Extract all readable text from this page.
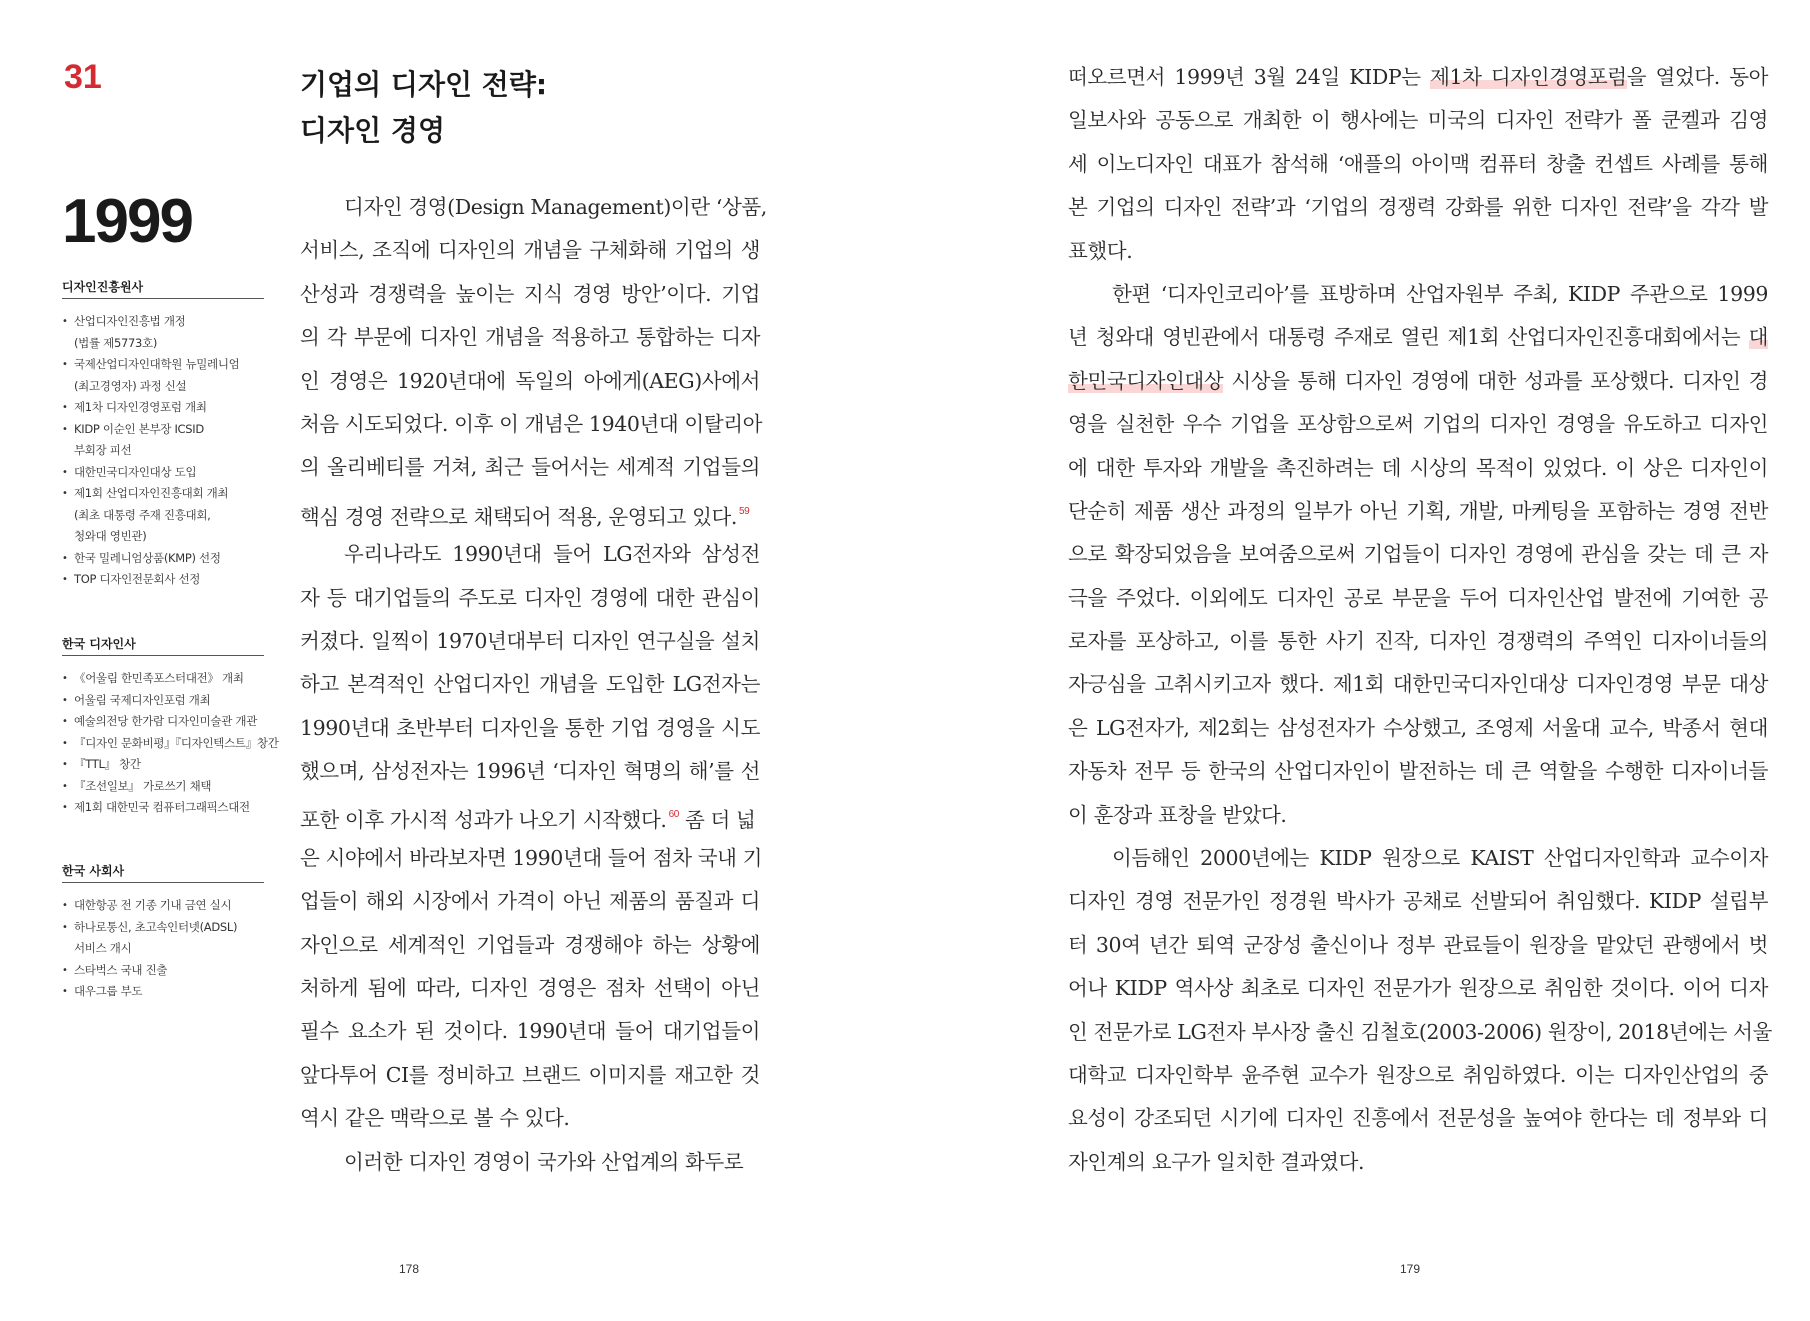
31	기업의 디자인 전략:
디자인 경영
1999
디자인진흥원사
• 산업디자인진흥법 개정
(법률 제5773호)
• 국제산업디자인대학원 뉴밀레니엄
(최고경영자) 과정 신설
• 제1차 디자인경영포럼 개최
• KIDP 이순인 본부장 ICSID
부회장 피선
• 대한민국디자인대상 도입
• 제1회 산업디자인진흥대회 개최
(최초 대통령 주재 진흥대회,
청와대 영빈관)
• 한국 밀레니엄상품(KMP) 선정
• TOP 디자인전문회사 선정
한국 디자인사
• 《어울림 한민족포스터대전》 개최
• 어울림 국제디자인포럼 개최
• 예술의전당 한가람 디자인미술관 개관
• 『디자인 문화비평』『디자인텍스트』창간
• 『TTL』 창간
• 『조선일보』 가로쓰기 채택
• 제1회 대한민국 컴퓨터그래픽스대전
한국 사회사
• 대한항공 전 기종 기내 금연 실시
• 하나로통신, 초고속인터넷(ADSL)
서비스 개시
• 스타벅스 국내 진출
• 대우그룹 부도
디자인 경영(Design Management)이란 ‘상품,
서비스, 조직에 디자인의 개념을 구체화해 기업의 생
산성과 경쟁력을 높이는 지식 경영 방안’이다. 기업
의 각 부문에 디자인 개념을 적용하고 통합하는 디자
인 경영은 1920년대에 독일의 아에게(AEG)사에서
처음 시도되었다. 이후 이 개념은 1940년대 이탈리아
의 올리베티를 거쳐, 최근 들어서는 세계적 기업들의
핵심 경영 전략으로 채택되어 적용, 운영되고 있다. $^{59}$
우리나라도 1990년대 들어 LG전자와 삼성전
자 등 대기업들의 주도로 디자인 경영에 대한 관심이
커졌다. 일찍이 1970년대부터 디자인 연구실을 설치
하고 본격적인 산업디자인 개념을 도입한 LG전자는
1990년대 초반부터 디자인을 통한 기업 경영을 시도
했으며, 삼성전자는 1996년 ‘디자인 혁명의 해’를 선
포한 이후 가시적 성과가 나오기 시작했다. $^{60}$ 좀 더 넓
은 시야에서 바라보자면 1990년대 들어 점차 국내 기
업들이 해외 시장에서 가격이 아닌 제품의 품질과 디
자인으로 세계적인 기업들과 경쟁해야 하는 상황에
처하게 됨에 따라, 디자인 경영은 점차 선택이 아닌
필수 요소가 된 것이다. 1990년대 들어 대기업들이
앞다투어 CI를 정비하고 브랜드 이미지를 재고한 것
역시 같은 맥락으로 볼 수 있다.
이러한 디자인 경영이 국가와 산업계의 화두로
178
떠오르면서 1999년 3월 24일 KIDP는 제1차 디자인경영포럼을 열었다. 동아
일보사와 공동으로 개최한 이 행사에는 미국의 디자인 전략가 폴 쿤켈과 김영
세 이노디자인 대표가 참석해 ‘애플의 아이맥 컴퓨터 창출 컨셉트 사례를 통해
본 기업의 디자인 전략’과 ‘기업의 경쟁력 강화를 위한 디자인 전략’을 각각 발
표했다.
한편 ‘디자인코리아’를 표방하며 산업자원부 주최, KIDP 주관으로 1999
년 청와대 영빈관에서 대통령 주재로 열린 제1회 산업디자인진흥대회에서는 대
한민국디자인대상 시상을 통해 디자인 경영에 대한 성과를 포상했다. 디자인 경
영을 실천한 우수 기업을 포상함으로써 기업의 디자인 경영을 유도하고 디자인
에 대한 투자와 개발을 촉진하려는 데 시상의 목적이 있었다. 이 상은 디자인이
단순히 제품 생산 과정의 일부가 아닌 기획, 개발, 마케팅을 포함하는 경영 전반
으로 확장되었음을 보여줌으로써 기업들이 디자인 경영에 관심을 갖는 데 큰 자
극을 주었다. 이외에도 디자인 공로 부문을 두어 디자인산업 발전에 기여한 공
로자를 포상하고, 이를 통한 사기 진작, 디자인 경쟁력의 주역인 디자이너들의
자긍심을 고취시키고자 했다. 제1회 대한민국디자인대상 디자인경영 부문 대상
은 LG전자가, 제2회는 삼성전자가 수상했고, 조영제 서울대 교수, 박종서 현대
자동차 전무 등 한국의 산업디자인이 발전하는 데 큰 역할을 수행한 디자이너들
이 훈장과 표창을 받았다.
이듬해인 2000년에는 KIDP 원장으로 KAIST 산업디자인학과 교수이자
디자인 경영 전문가인 정경원 박사가 공채로 선발되어 취임했다. KIDP 설립부
터 30여 년간 퇴역 군장성 출신이나 정부 관료들이 원장을 맡았던 관행에서 벗
어나 KIDP 역사상 최초로 디자인 전문가가 원장으로 취임한 것이다. 이어 디자
인 전문가로 LG전자 부사장 출신 김철호(2003-2006) 원장이, 2018년에는 서울
대학교 디자인학부 윤주현 교수가 원장으로 취임하였다. 이는 디자인산업의 중
요성이 강조되던 시기에 디자인 진흥에서 전문성을 높여야 한다는 데 정부와 디
자인계의 요구가 일치한 결과였다.
179
